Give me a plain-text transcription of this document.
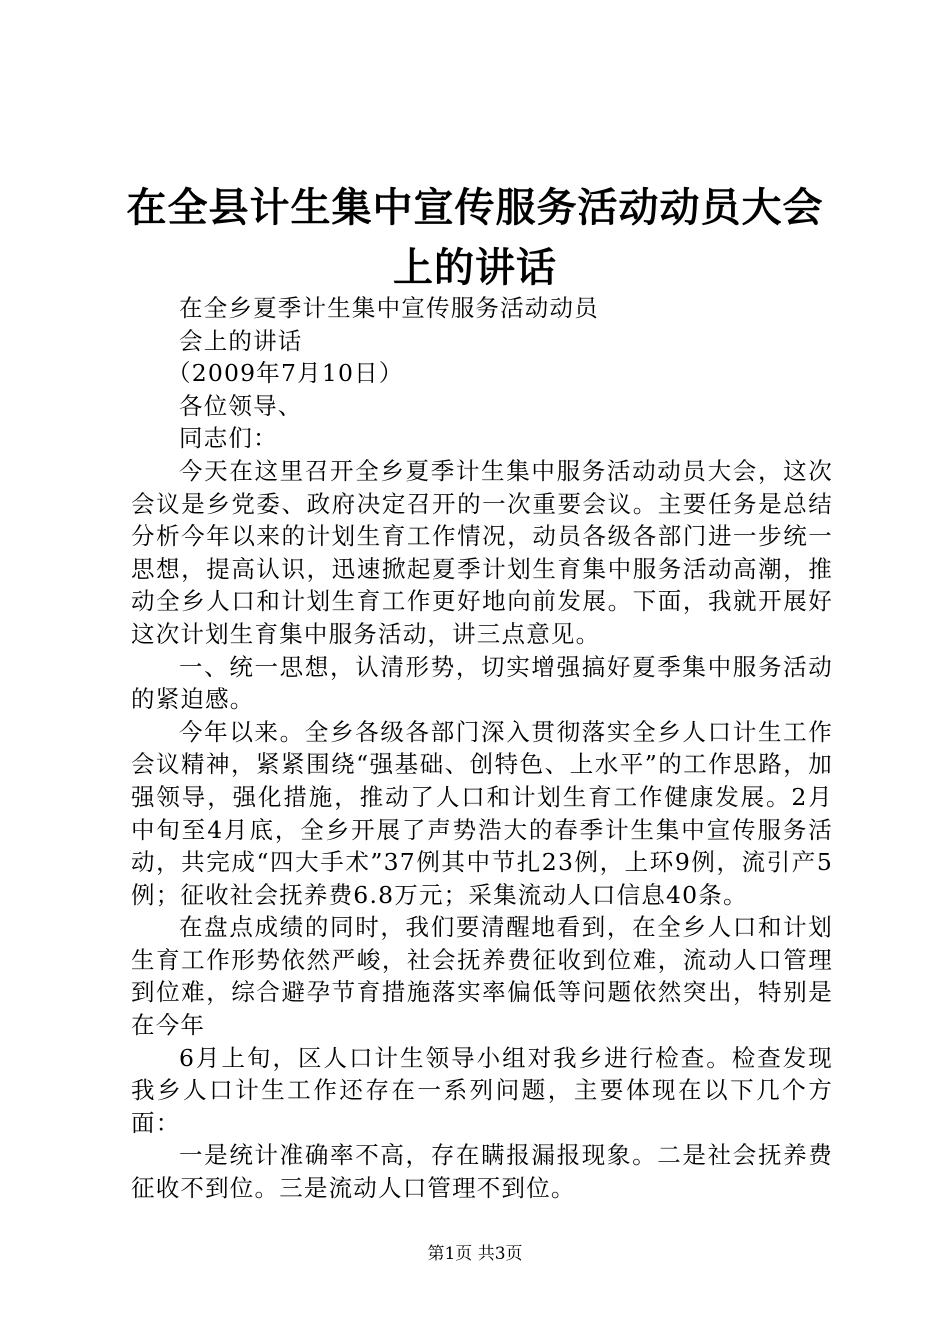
在全县计生集中宣传服务活动动员大会上的讲话

在全乡夏季计生集中宣传服务活动动员

会上的讲话

（2009年7月10日）

各位领导、

同志们：

今天在这里召开全乡夏季计生集中服务活动动员大会，这次会议是乡党委、政府决定召开的一次重要会议。主要任务是总结分析今年以来的计划生育工作情况，动员各级各部门进一步统一思想，提高认识，迅速掀起夏季计划生育集中服务活动高潮，推动全乡人口和计划生育工作更好地向前发展。下面，我就开展好这次计划生育集中服务活动，讲三点意见。

一、统一思想，认清形势，切实增强搞好夏季集中服务活动的紧迫感。

今年以来。全乡各级各部门深入贯彻落实全乡人口计生工作会议精神，紧紧围绕“强基础、创特色、上水平”的工作思路，加强领导，强化措施，推动了人口和计划生育工作健康发展。2月中旬至4月底，全乡开展了声势浩大的春季计生集中宣传服务活动，共完成“四大手术”37例其中节扎23例，上环9例，流引产5例；征收社会抚养费6.8万元；采集流动人口信息40条。

在盘点成绩的同时，我们要清醒地看到，在全乡人口和计划生育工作形势依然严峻，社会抚养费征收到位难，流动人口管理到位难，综合避孕节育措施落实率偏低等问题依然突出，特别是在今年

6月上旬，区人口计生领导小组对我乡进行检查。检查发现我乡人口计生工作还存在一系列问题，主要体现在以下几个方面：

一是统计准确率不高，存在瞒报漏报现象。二是社会抚养费征收不到位。三是流动人口管理不到位。

第1页 共3页
